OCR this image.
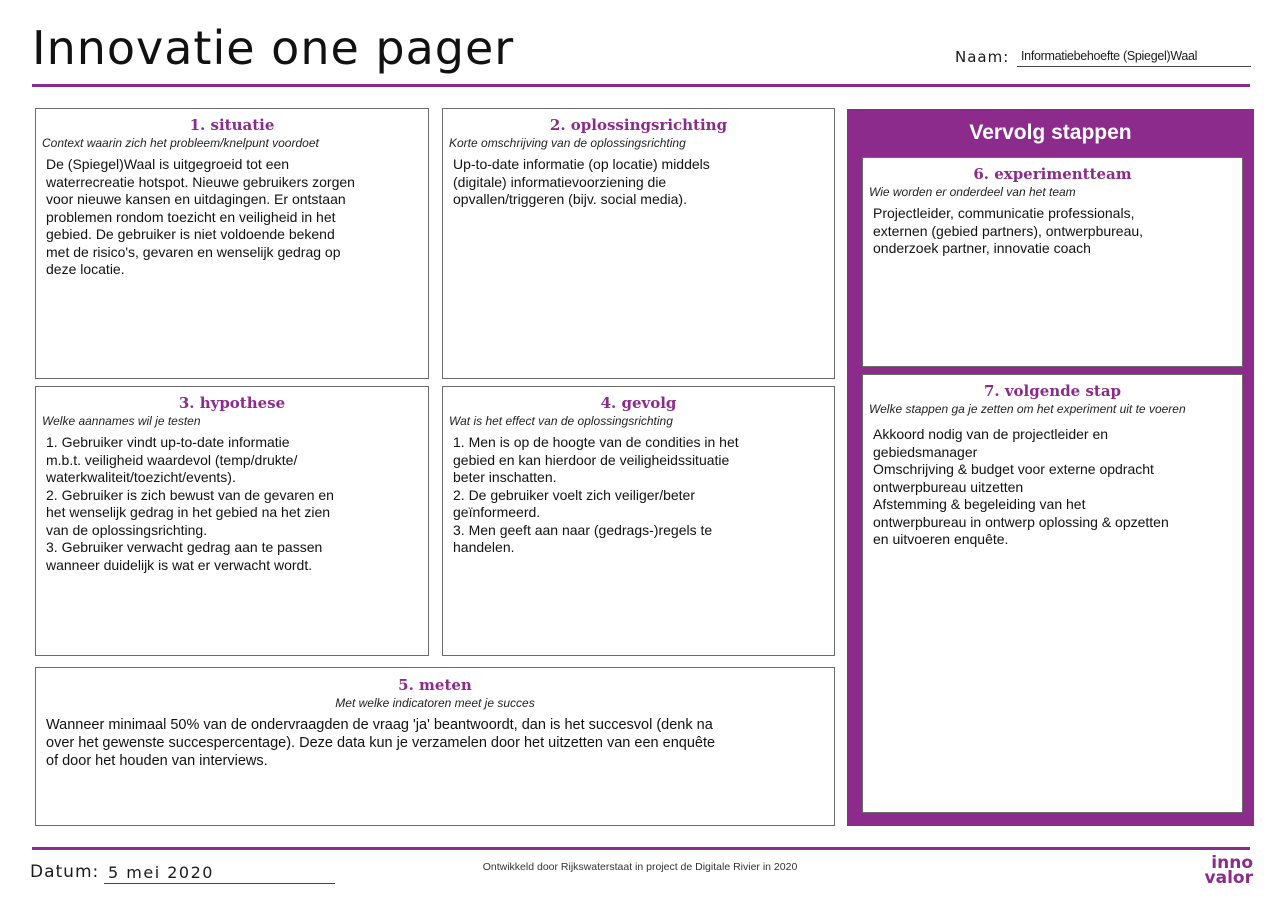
Innovatie one pager	Naam: Informatiebehoefte (Spiegel)Waal
1. situatie
Context waarin zich het probleem/knelpunt voordoet
De (Spiegel)Waal is uitgegroeid tot een
waterrecreatie hotspot. Nieuwe gebruikers zorgen
voor nieuwe kansen en uitdagingen. Er ontstaan
problemen rondom toezicht en veiligheid in het
gebied. De gebruiker is niet voldoende bekend
met de risico's, gevaren en wenselijk gedrag op
deze locatie.
2. oplossingsrichting
Korte omschrijving van de oplossingsrichting
Up-to-date informatie (op locatie) middels
(digitale) informatievoorziening die
opvallen/triggeren (bijv. social media).
3. hypothese
Welke aannames wil je testen
1. Gebruiker vindt up-to-date informatie
m.b.t. veiligheid waardevol (temp/drukte/
waterkwaliteit/toezicht/events).
2. Gebruiker is zich bewust van de gevaren en
het wenselijk gedrag in het gebied na het zien
van de oplossingsrichting.
3. Gebruiker verwacht gedrag aan te passen
wanneer duidelijk is wat er verwacht wordt.
4. gevolg
Wat is het effect van de oplossingsrichting
1. Men is op de hoogte van de condities in het
gebied en kan hierdoor de veiligheidssituatie
beter inschatten.
2. De gebruiker voelt zich veiliger/beter
geïnformeerd.
3. Men geeft aan naar (gedrags-)regels te
handelen.
5. meten
Met welke indicatoren meet je succes
Wanneer minimaal 50% van de ondervraagden de vraag 'ja' beantwoordt, dan is het succesvol (denk na
over het gewenste succespercentage). Deze data kun je verzamelen door het uitzetten van een enquête
of door het houden van interviews.
Vervolg stappen
6. experimentteam
Wie worden er onderdeel van het team
Projectleider, communicatie professionals,
externen (gebied partners), ontwerpbureau,
onderzoek partner, innovatie coach
7. volgende stap
Welke stappen ga je zetten om het experiment uit te voeren
Akkoord nodig van de projectleider en
gebiedsmanager
Omschrijving & budget voor externe opdracht
ontwerpbureau uitzetten
Afstemming & begeleiding van het
ontwerpbureau in ontwerp oplossing & opzetten
en uitvoeren enquête.
Datum: 5 mei 2020	Ontwikkeld door Rijkswaterstaat in project de Digitale Rivier in 2020	inno
valor
